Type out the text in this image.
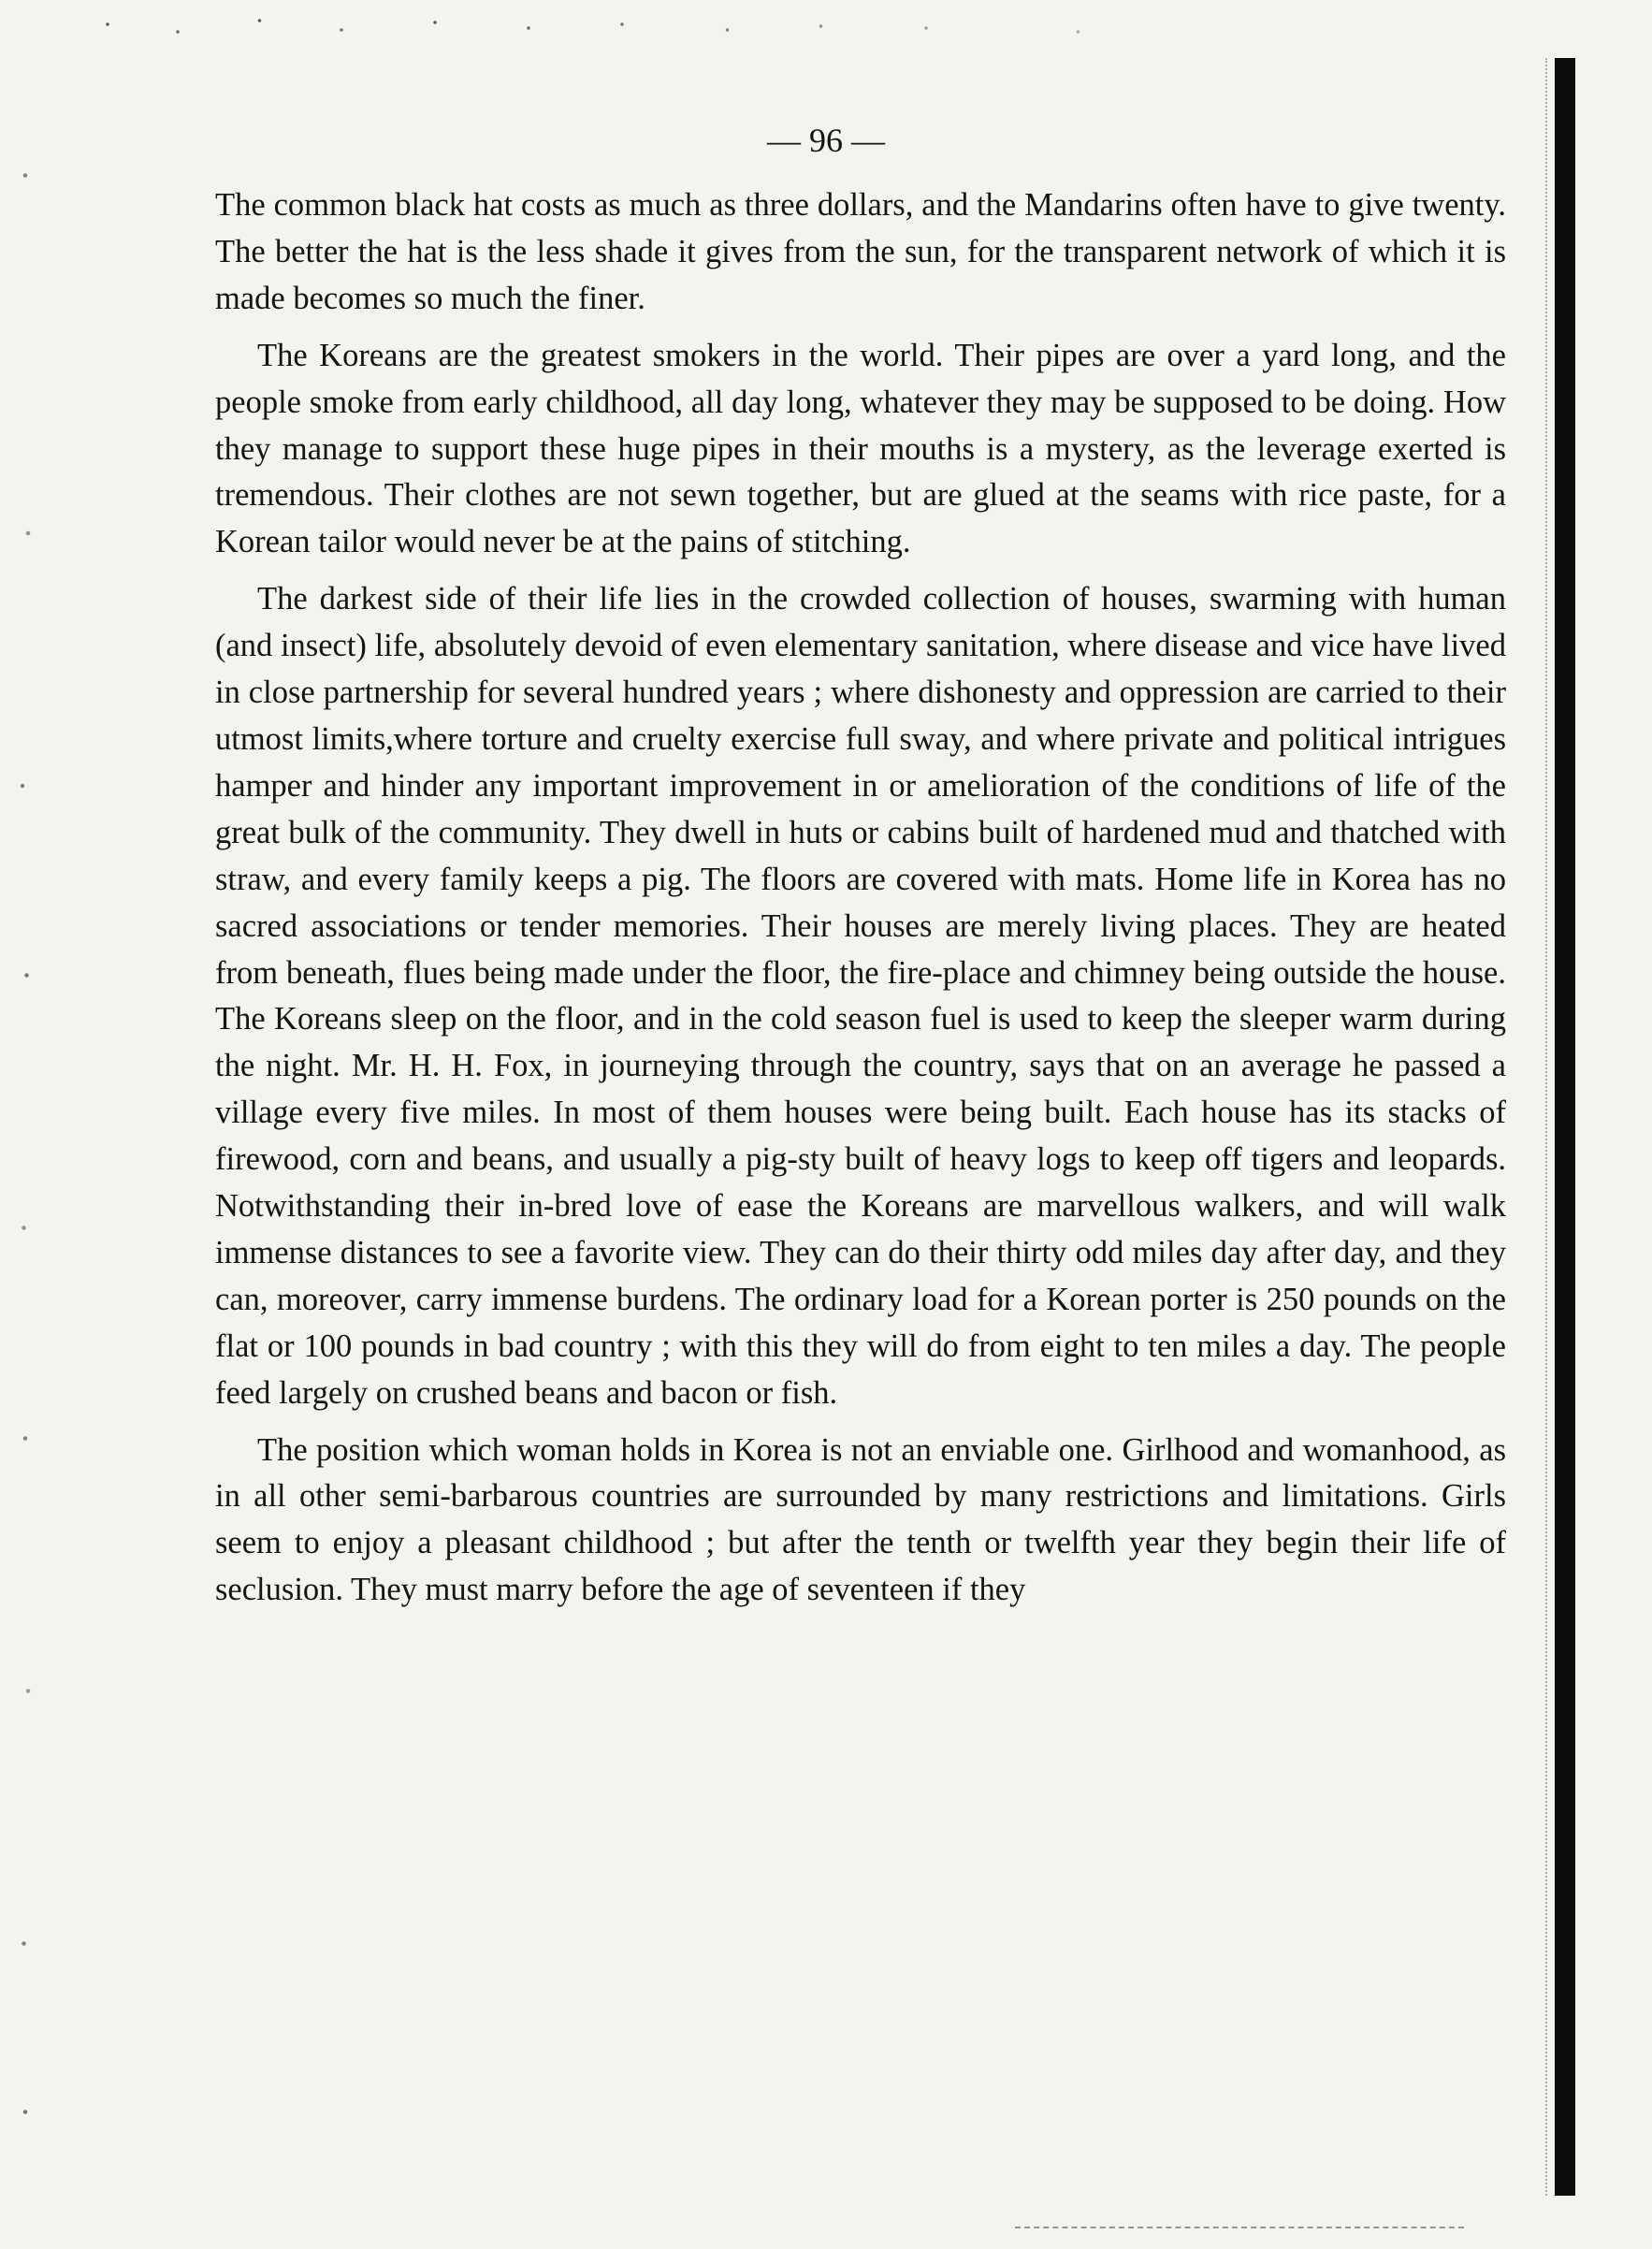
— 96 —

The common black hat costs as much as three dollars, and the Mandarins often have to give twenty. The better the hat is the less shade it gives from the sun, for the transparent network of which it is made becomes so much the finer.

The Koreans are the greatest smokers in the world. Their pipes are over a yard long, and the people smoke from early childhood, all day long, whatever they may be supposed to be doing. How they manage to support these huge pipes in their mouths is a mystery, as the leverage exerted is tremendous. Their clothes are not sewn together, but are glued at the seams with rice paste, for a Korean tailor would never be at the pains of stitching.

The darkest side of their life lies in the crowded collection of houses, swarming with human (and insect) life, absolutely devoid of even elementary sanitation, where disease and vice have lived in close partnership for several hundred years ; where dishonesty and oppression are carried to their utmost limits,where torture and cruelty exercise full sway, and where private and political intrigues hamper and hinder any important improvement in or amelioration of the conditions of life of the great bulk of the community. They dwell in huts or cabins built of hardened mud and thatched with straw, and every family keeps a pig. The floors are covered with mats. Home life in Korea has no sacred associations or tender memories. Their houses are merely living places. They are heated from beneath, flues being made under the floor, the fire-place and chimney being outside the house. The Koreans sleep on the floor, and in the cold season fuel is used to keep the sleeper warm during the night. Mr. H. H. Fox, in journeying through the country, says that on an average he passed a village every five miles. In most of them houses were being built. Each house has its stacks of firewood, corn and beans, and usually a pig-sty built of heavy logs to keep off tigers and leopards. Notwithstanding their in-bred love of ease the Koreans are marvellous walkers, and will walk immense distances to see a favorite view. They can do their thirty odd miles day after day, and they can, moreover, carry immense burdens. The ordinary load for a Korean porter is 250 pounds on the flat or 100 pounds in bad country ; with this they will do from eight to ten miles a day. The people feed largely on crushed beans and bacon or fish.

The position which woman holds in Korea is not an enviable one. Girlhood and womanhood, as in all other semi-barbarous countries are surrounded by many restrictions and limitations. Girls seem to enjoy a pleasant childhood ; but after the tenth or twelfth year they begin their life of seclusion. They must marry before the age of seventeen if they
